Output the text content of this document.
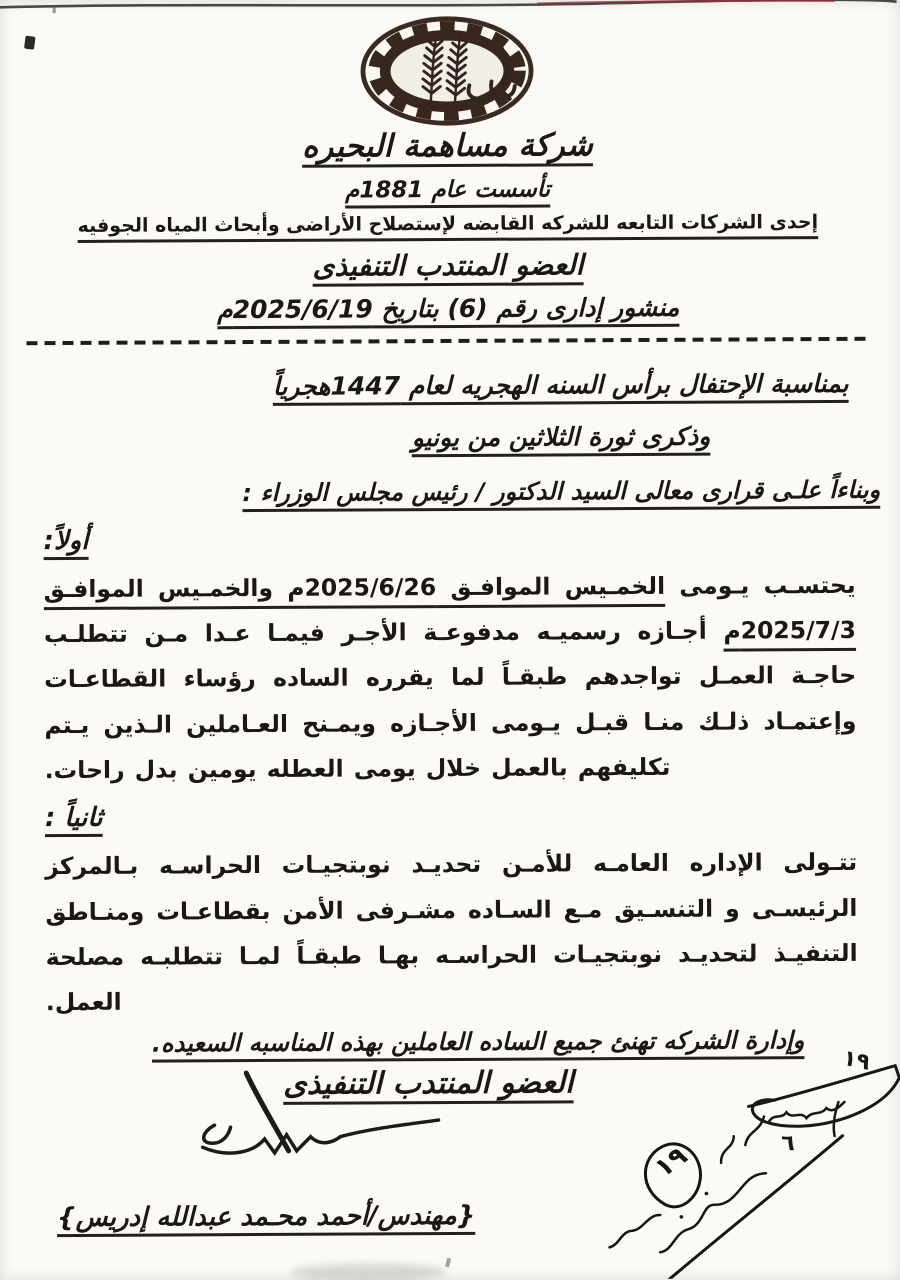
شركة مساهمة البحيره
تأسست عام 1881م
إحدى الشركات التابعه للشركه القابضه لإستصلاح الأراضى وأبحاث المياه الجوفيه
العضو المنتدب التنفيذى
منشور إدارى رقم (6) بتاريخ 2025/6/19م
بمناسبة الإحتفال برأس السنه الهجريه لعام 1447هجرياً
وذكرى ثورة الثلاثين من يونيو
وبناءاً علـى قرارى معالى السيد الدكتور / رئيس مجلس الوزراء :
أولاً:

يحتسـب يـومى الخمـيس الموافـق 2025/6/26م والخمـيس الموافـق 2025/7/3م أجـازه رسميـه مدفوعـة الأجـر فيمـا عـدا مـن تتطلـب حاجـة العمـل تواجدهم طبقـاً لما يقرره الساده رؤساء القطاعـات وإعتمـاد ذلـك منـا قبـل يـومى الأجـازه ويمـنح العـاملين الـذين يـتم تكليفهم بالعمل خلال يومى العطله يومين بدل راحات.

ثانياً :

تتـولى الإداره العامـه للأمـن تحديـد نوبتجيـات الحراسـه بـالمركز الرئيسـى و التنسـيق مـع السـاده مشـرفى الأمن بقطاعـات ومنـاطق التنفيـذ لتحديـد نوبتجيـات الحراسـه بهـا طبقـاً لمـا تتطلبـه مصلحة العمل.

وإدارة الشركه تهنئ جميع الساده العاملين بهذه المناسبه السعيده.
العضو المنتدب التنفيذى
{مهندس/أحمد محـمد عبدالله إدريس}
١٩
٦
١٩
